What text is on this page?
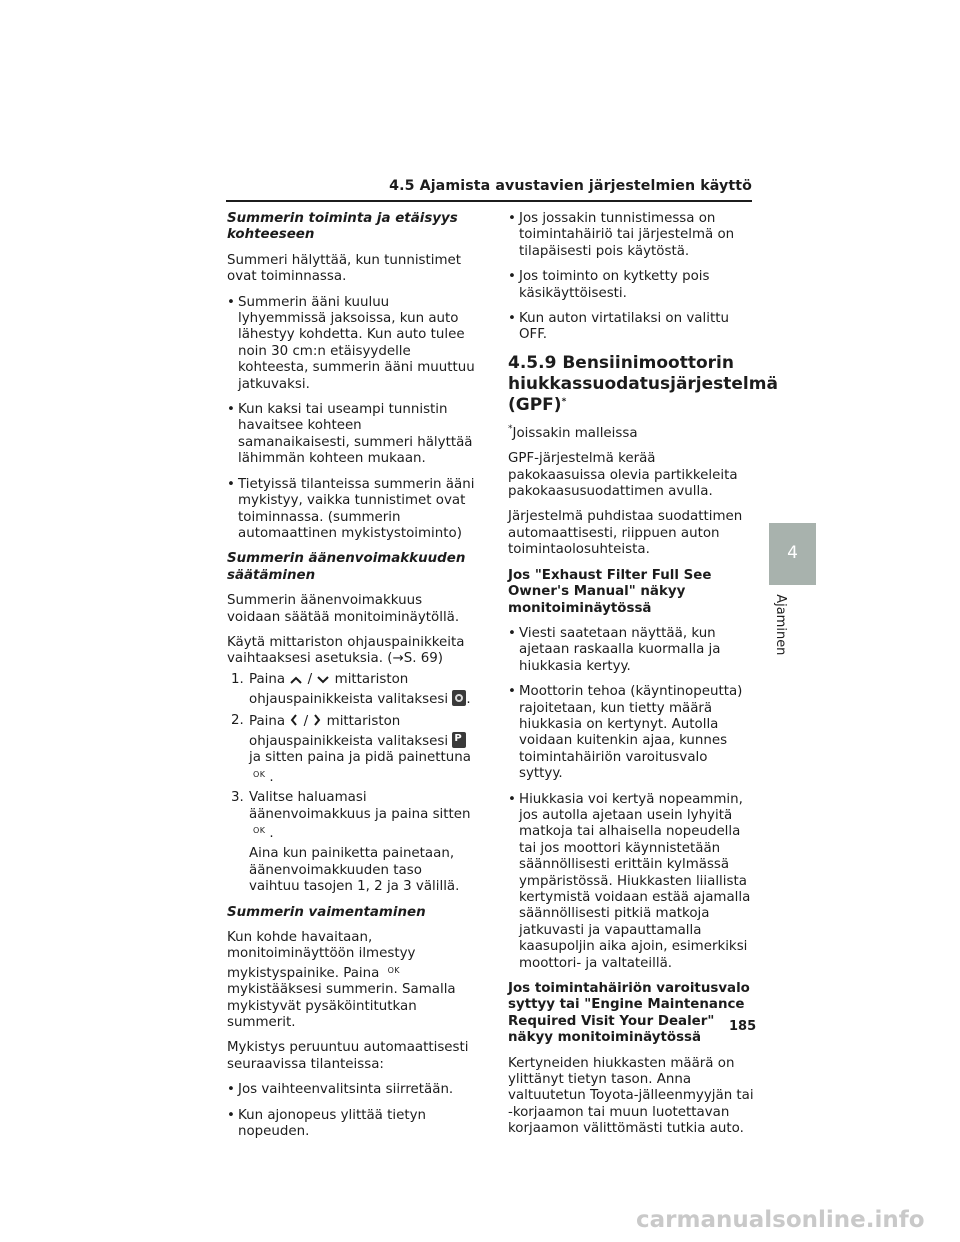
4.5 Ajamista avustavien järjestelmien käyttö
Summerin toiminta ja etäisyys kohteeseen
Summeri hälyttää, kun tunnistimet ovat toiminnassa.
• Summerin ääni kuuluu lyhyemmissä jaksoissa, kun auto lähestyy kohdetta. Kun auto tulee noin 30 cm:n etäisyydelle kohteesta, summerin ääni muuttuu jatkuvaksi.
• Kun kaksi tai useampi tunnistin havaitsee kohteen samanaikaisesti, summeri hälyttää lähimmän kohteen mukaan.
• Tietyissä tilanteissa summerin ääni mykistyy, vaikka tunnistimet ovat toiminnassa. (summerin automaattinen mykistystoiminto)
Summerin äänenvoimakkuuden säätäminen
Summerin äänenvoimakkuus voidaan säätää monitoiminäytöllä.
Käytä mittariston ohjauspainikkeita vaihtaaksesi asetuksia. (→S. 69)
1. Paina / mittariston ohjauspainikkeista valitaksesi .
2. Paina / mittariston ohjauspainikkeista valitaksesi P
ja sitten paina ja pidä painettuna $^{OK}$ .
3. Valitse haluamasi äänenvoimakkuus ja paina sitten $^{OK}$ .
Aina kun painiketta painetaan, äänenvoimakkuuden taso vaihtuu tasojen 1, 2 ja 3 välillä.
Summerin vaimentaminen
Kun kohde havaitaan, monitoiminäyttöön ilmestyy mykistyspainike. Paina $^{OK}$ mykistääksesi summerin. Samalla mykistyvät pysäköintitutkan summerit.
Mykistys peruuntuu automaattisesti seuraavissa tilanteissa:
• Jos vaihteenvalitsinta siirretään.
• Kun ajonopeus ylittää tietyn nopeuden.
• Jos jossakin tunnistimessa on toimintahäiriö tai järjestelmä on tilapäisesti pois käytöstä.
• Jos toiminto on kytketty pois käsikäyttöisesti.
• Kun auton virtatilaksi on valittu OFF.
4.5.9 Bensiinimoottorin hiukkassuodatusjärjestelmä (GPF)*
*Joissakin malleissa
GPF-järjestelmä kerää pakokaasuissa olevia partikkeleita pakokaasusuodattimen avulla.
Järjestelmä puhdistaa suodattimen automaattisesti, riippuen auton toimintaolosuhteista.
Jos "Exhaust Filter Full See Owner's Manual" näkyy monitoiminäytössä
• Viesti saatetaan näyttää, kun ajetaan raskaalla kuormalla ja hiukkasia kertyy.
• Moottorin tehoa (käyntinopeutta) rajoitetaan, kun tietty määrä hiukkasia on kertynyt. Autolla voidaan kuitenkin ajaa, kunnes toimintahäiriön varoitusvalo syttyy.
• Hiukkasia voi kertyä nopeammin, jos autolla ajetaan usein lyhyitä matkoja tai alhaisella nopeudella tai jos moottori käynnistetään säännöllisesti erittäin kylmässä ympäristössä. Hiukkasten liiallista kertymistä voidaan estää ajamalla säännöllisesti pitkiä matkoja jatkuvasti ja vapauttamalla kaasupoljin aika ajoin, esimerkiksi moottori- ja valtateillä.
Jos toimintahäiriön varoitusvalo syttyy tai "Engine Maintenance Required Visit Your Dealer" näkyy monitoiminäytössä
Kertyneiden hiukkasten määrä on ylittänyt tietyn tason. Anna valtuutetun Toyota-jälleenmyyjän tai -korjaamon tai muun luotettavan korjaamon välittömästi tutkia auto.
4
Ajaminen
185
carmanualsonline.info
